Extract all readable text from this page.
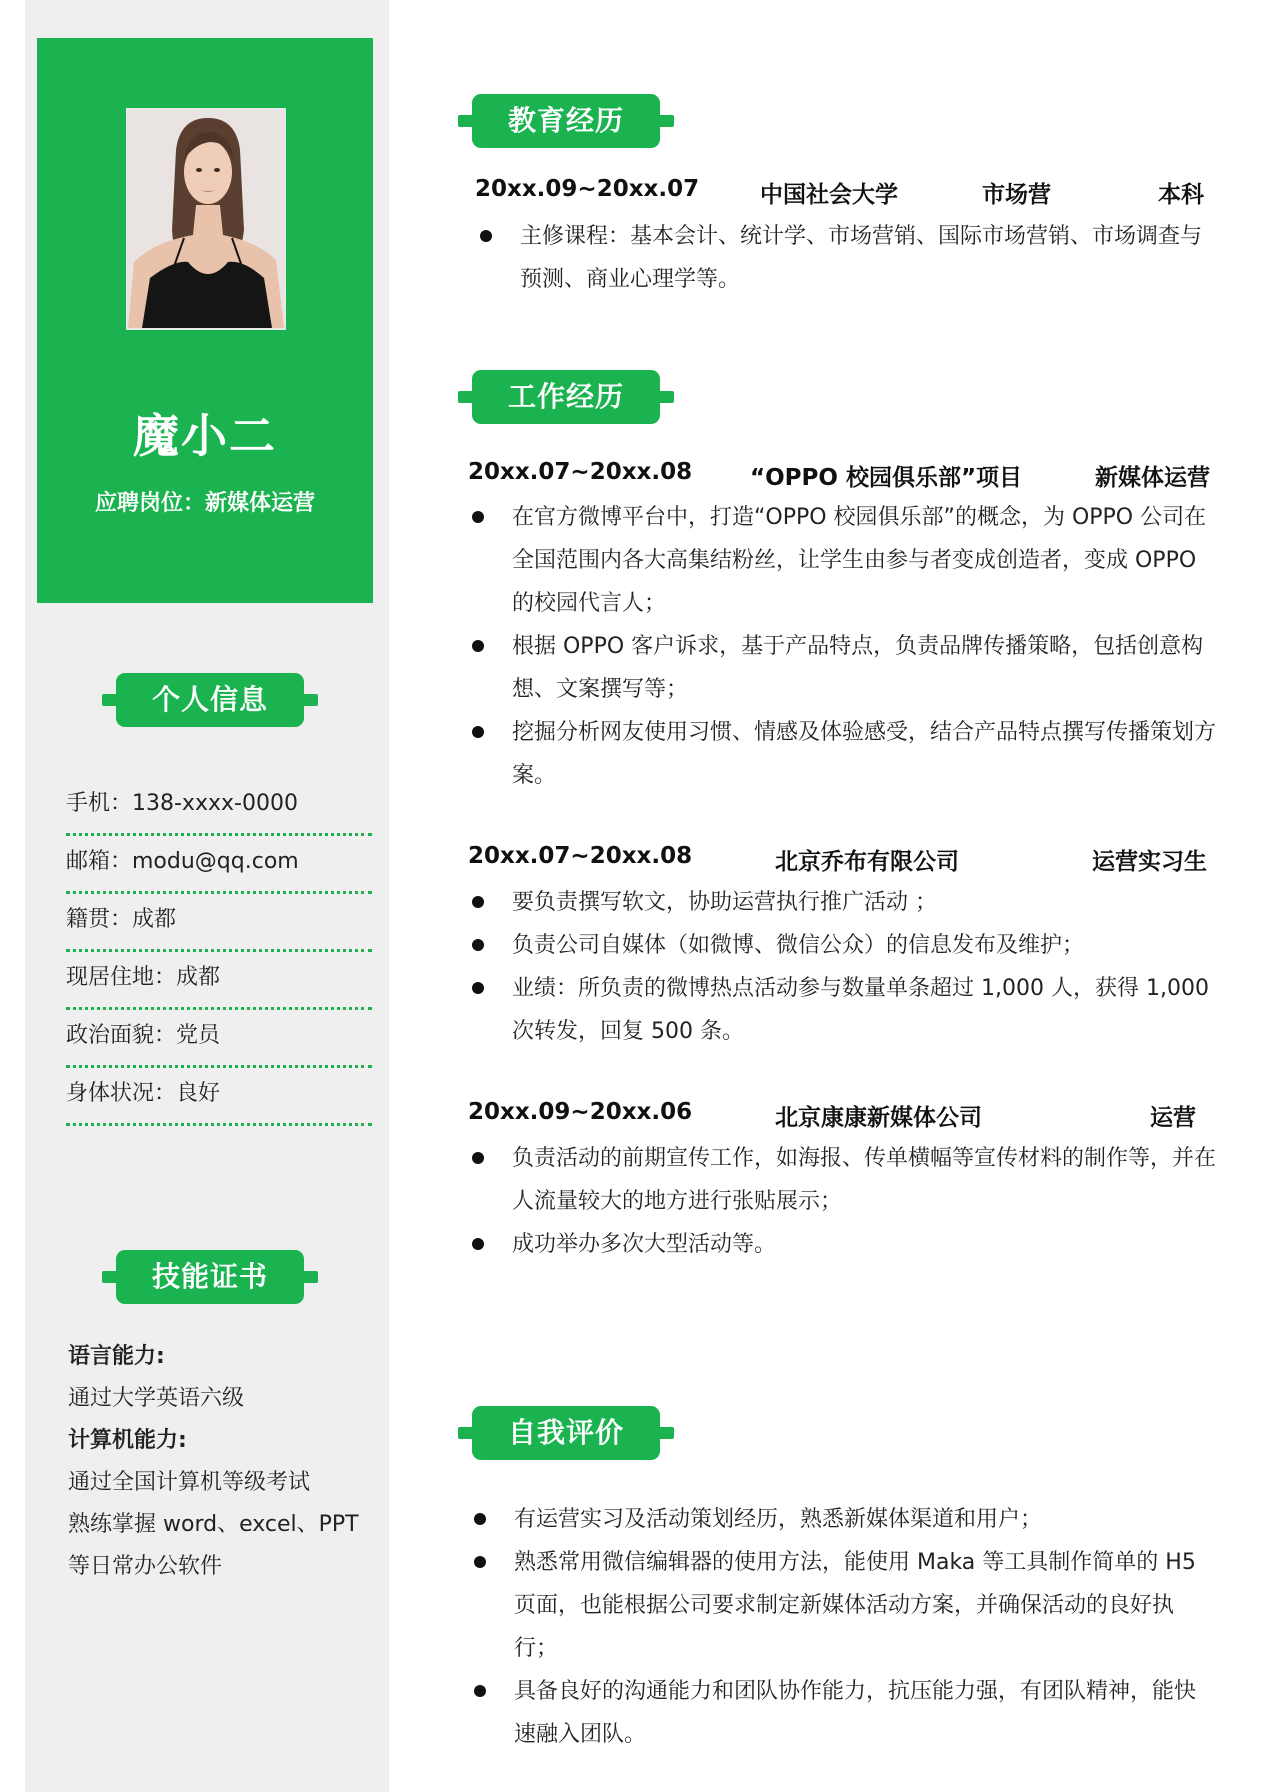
魔小二
应聘岗位：新媒体运营
个人信息
手机：138-xxxx-0000
邮箱：modu@qq.com
籍贯：成都
现居住地：成都
政治面貌：党员
身体状况：良好
技能证书
语言能力:
通过大学英语六级
计算机能力:
通过全国计算机等级考试
熟练掌握 word、excel、PPT
等日常办公软件
教育经历
20xx.09~20xx.07	中国社会大学	市场营	本科
主修课程：基本会计、统计学、市场营销、国际市场营销、市场调查与预测、商业心理学等。
工作经历
20xx.07~20xx.08	“OPPO 校园俱乐部”项目	新媒体运营
在官方微博平台中，打造“OPPO 校园俱乐部”的概念，为 OPPO 公司在全国范围内各大高集结粉丝，让学生由参与者变成创造者，变成 OPPO 的校园代言人；
根据 OPPO 客户诉求，基于产品特点，负责品牌传播策略，包括创意构想、文案撰写等；
挖掘分析网友使用习惯、情感及体验感受，结合产品特点撰写传播策划方案。
20xx.07~20xx.08	北京乔布有限公司	运营实习生
要负责撰写软文，协助运营执行推广活动 ；
负责公司自媒体（如微博、微信公众）的信息发布及维护；
业绩：所负责的微博热点活动参与数量单条超过 1,000 人，获得 1,000 次转发，回复 500 条。
20xx.09~20xx.06	北京康康新媒体公司	运营
负责活动的前期宣传工作，如海报、传单横幅等宣传材料的制作等，并在人流量较大的地方进行张贴展示；
成功举办多次大型活动等。
自我评价
有运营实习及活动策划经历，熟悉新媒体渠道和用户；
熟悉常用微信编辑器的使用方法，能使用 Maka 等工具制作简单的 H5 页面，也能根据公司要求制定新媒体活动方案，并确保活动的良好执行；
具备良好的沟通能力和团队协作能力，抗压能力强，有团队精神，能快速融入团队。
